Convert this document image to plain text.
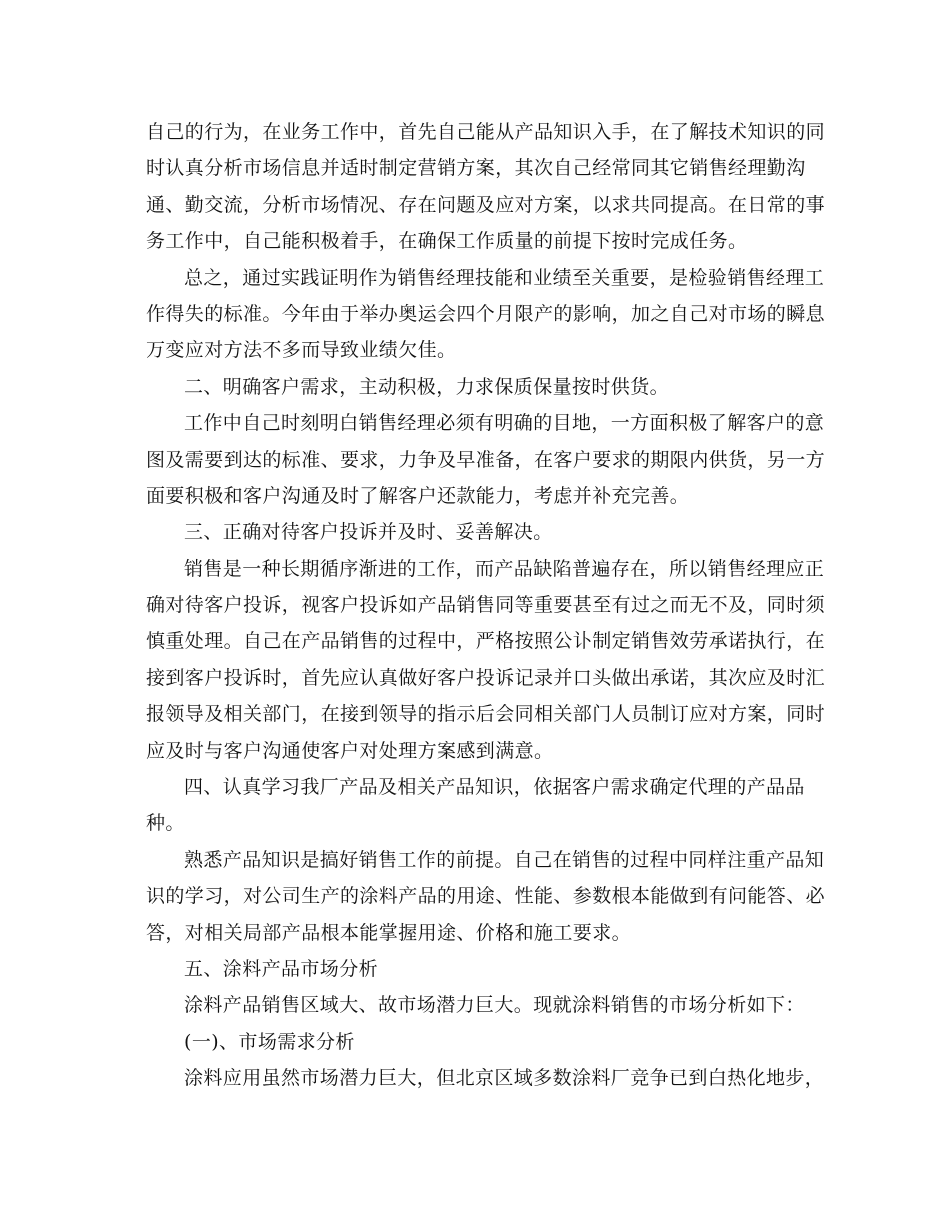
自己的行为，在业务工作中，首先自己能从产品知识入手，在了解技术知识的同
时认真分析市场信息并适时制定营销方案，其次自己经常同其它销售经理勤沟
通、勤交流，分析市场情况、存在问题及应对方案，以求共同提高。在日常的事
务工作中，自己能积极着手，在确保工作质量的前提下按时完成任务。
总之，通过实践证明作为销售经理技能和业绩至关重要，是检验销售经理工
作得失的标准。今年由于举办奥运会四个月限产的影响，加之自己对市场的瞬息
万变应对方法不多而导致业绩欠佳。
二、明确客户需求，主动积极，力求保质保量按时供货。
工作中自己时刻明白销售经理必须有明确的目地，一方面积极了解客户的意
图及需要到达的标准、要求，力争及早准备，在客户要求的期限内供货，另一方
面要积极和客户沟通及时了解客户还款能力，考虑并补充完善。
三、正确对待客户投诉并及时、妥善解决。
销售是一种长期循序渐进的工作，而产品缺陷普遍存在，所以销售经理应正
确对待客户投诉，视客户投诉如产品销售同等重要甚至有过之而无不及，同时须
慎重处理。自己在产品销售的过程中，严格按照公讣制定销售效劳承诺执行，在
接到客户投诉时，首先应认真做好客户投诉记录并口头做出承诺，其次应及时汇
报领导及相关部门，在接到领导的指示后会同相关部门人员制订应对方案，同时
应及时与客户沟通使客户对处理方案感到满意。
四、认真学习我厂产品及相关产品知识，依据客户需求确定代理的产品品
种。
熟悉产品知识是搞好销售工作的前提。自己在销售的过程中同样注重产品知
识的学习，对公司生产的涂料产品的用途、性能、参数根本能做到有问能答、必
答，对相关局部产品根本能掌握用途、价格和施工要求。
五、涂料产品市场分析
涂料产品销售区域大、故市场潜力巨大。现就涂料销售的市场分析如下：
(一)、市场需求分析
涂料应用虽然市场潜力巨大，但北京区域多数涂料厂竞争已到白热化地步，
